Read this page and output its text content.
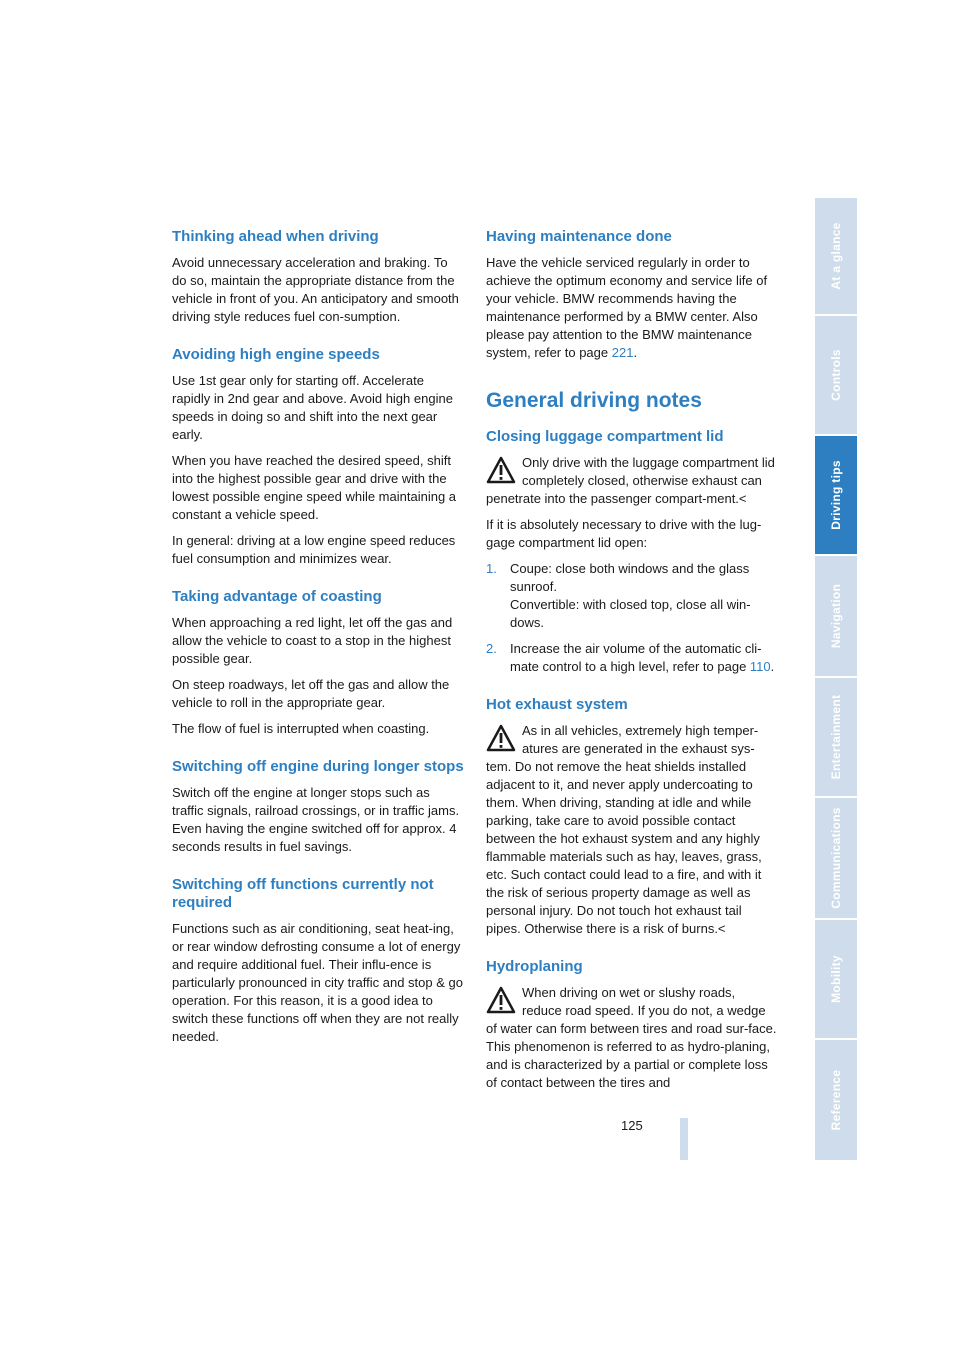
Thinking ahead when driving

Avoid unnecessary acceleration and braking. To do so, maintain the appropriate distance from the vehicle in front of you. An anticipatory and smooth driving style reduces fuel con-sumption.

Avoiding high engine speeds

Use 1st gear only for starting off. Accelerate rapidly in 2nd gear and above. Avoid high engine speeds in doing so and shift into the next gear early.

When you have reached the desired speed, shift into the highest possible gear and drive with the lowest possible engine speed while maintaining a constant a vehicle speed.

In general: driving at a low engine speed reduces fuel consumption and minimizes wear.

Taking advantage of coasting

When approaching a red light, let off the gas and allow the vehicle to coast to a stop in the highest possible gear.

On steep roadways, let off the gas and allow the vehicle to roll in the appropriate gear.

The flow of fuel is interrupted when coasting.

Switching off engine during longer stops

Switch off the engine at longer stops such as traffic signals, railroad crossings, or in traffic jams. Even having the engine switched off for approx. 4 seconds results in fuel savings.

Switching off functions currently not required

Functions such as air conditioning, seat heat-ing, or rear window defrosting consume a lot of energy and require additional fuel. Their influ-ence is particularly pronounced in city traffic and stop & go operation. For this reason, it is a good idea to switch these functions off when they are not really needed.

Having maintenance done

Have the vehicle serviced regularly in order to achieve the optimum economy and service life of your vehicle. BMW recommends having the maintenance performed by a BMW center. Also please pay attention to the BMW maintenance system, refer to page 221.

General driving notes
Closing luggage compartment lid

Only drive with the luggage compartment lid completely closed, otherwise exhaust can penetrate into the passenger compart-ment.<

If it is absolutely necessary to drive with the lug-gage compartment lid open:

1. Coupe: close both windows and the glass sunroof.
Convertible: with closed top, close all win-dows.
2. Increase the air volume of the automatic cli-mate control to a high level, refer to page 110.
Hot exhaust system

As in all vehicles, extremely high temper-atures are generated in the exhaust sys-tem. Do not remove the heat shields installed adjacent to it, and never apply undercoating to them. When driving, standing at idle and while parking, take care to avoid possible contact between the hot exhaust system and any highly flammable materials such as hay, leaves, grass, etc. Such contact could lead to a fire, and with it the risk of serious property damage as well as personal injury. Do not touch hot exhaust tail pipes. Otherwise there is a risk of burns.<

Hydroplaning

When driving on wet or slushy roads, reduce road speed. If you do not, a wedge of water can form between tires and road sur-face. This phenomenon is referred to as hydro-planing, and is characterized by a partial or complete loss of contact between the tires and

125
At a glance
Controls
Driving tips
Navigation
Entertainment
Communications
Mobility
Reference
